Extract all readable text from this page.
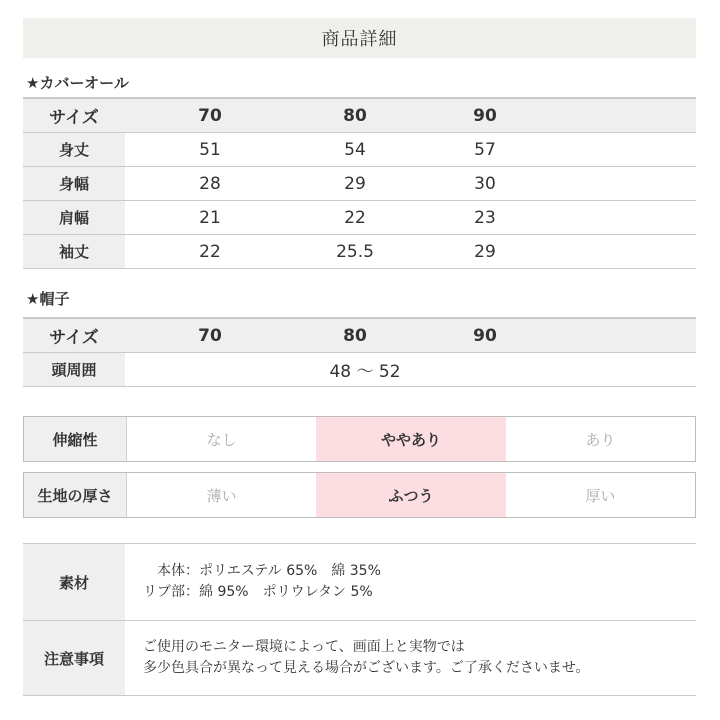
商品詳細
★カバーオール
サイズ	70	80	90	
身丈	51	54	57	
身幅	28	29	30	
肩幅	21	22	23	
袖丈	22	25.5	29	
★帽子
サイズ	70	80	90	
頭周囲	48 ～ 52			
伸縮性	なし	ややあり	あり
生地の厚さ	薄い	ふつう	厚い
素材	本体：ポリエステル 65%　綿 35%
リブ部：綿 95%　ポリウレタン 5%

注意事項	ご使用のモニター環境によって、画面上と実物では
多少色具合が異なって見える場合がございます。ご了承くださいませ。
